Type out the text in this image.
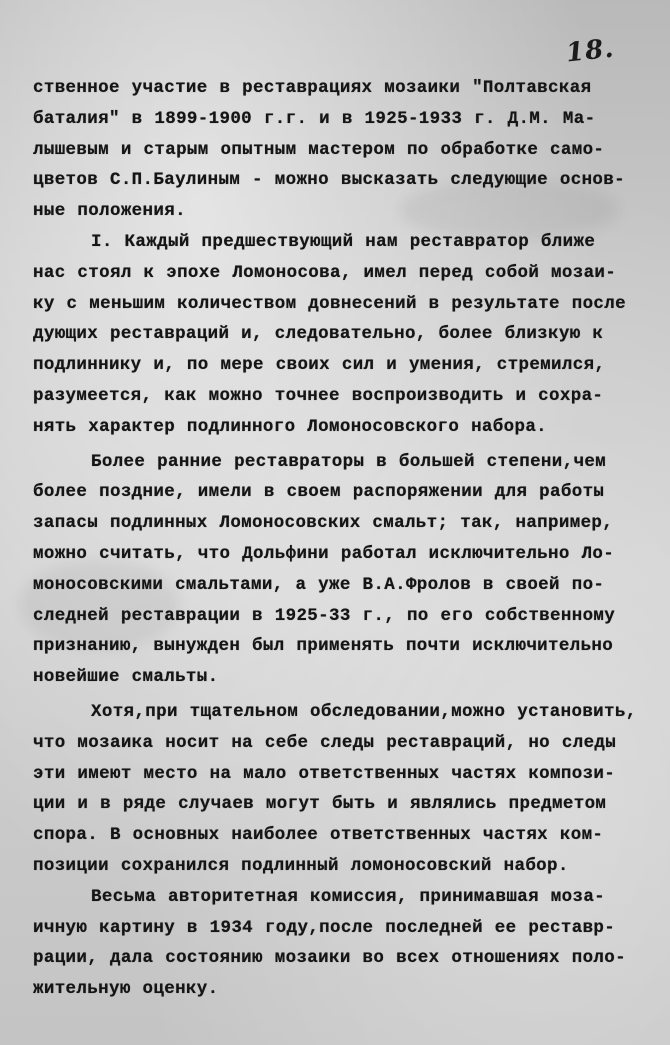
18.
ственное участие в реставрациях мозаики "Полтавская
баталия" в 1899-1900 г.г. и в 1925-1933 г. Д.М. Ма-
лышевым и старым опытным мастером по обработке само-
цветов С.П.Баулиным - можно высказать следующие основ-
ные положения.
I. Каждый предшествующий нам реставратор ближе
нас стоял к эпохе Ломоносова, имел перед собой мозаи-
ку с меньшим количеством довнесений в результате после
дующих реставраций и, следовательно, более близкую к
подлиннику и, по мере своих сил и умения, стремился,
разумеется, как можно точнее воспроизводить и сохра-
нять характер подлинного Ломоносовского набора.
Более ранние реставраторы в большей степени,чем
более поздние, имели в своем распоряжении для работы
запасы подлинных Ломоносовских смальт; так, например,
можно считать, что Дольфини работал исключительно Ло-
моносовскими смальтами, а уже В.А.Фролов в своей по-
следней реставрации в 1925-33 г., по его собственному
признанию, вынужден был применять почти исключительно
новейшие смальты.
Хотя,при тщательном обследовании,можно установить,
что мозаика носит на себе следы реставраций, но следы
эти имеют место на мало ответственных частях компози-
ции и в ряде случаев могут быть и являлись предметом
спора. В основных наиболее ответственных частях ком-
позиции сохранился подлинный ломоносовский набор.
Весьма авторитетная комиссия, принимавшая моза-
ичную картину в 1934 году,после последней ее реставр-
рации, дала состоянию мозаики во всех отношениях поло-
жительную оценку.
